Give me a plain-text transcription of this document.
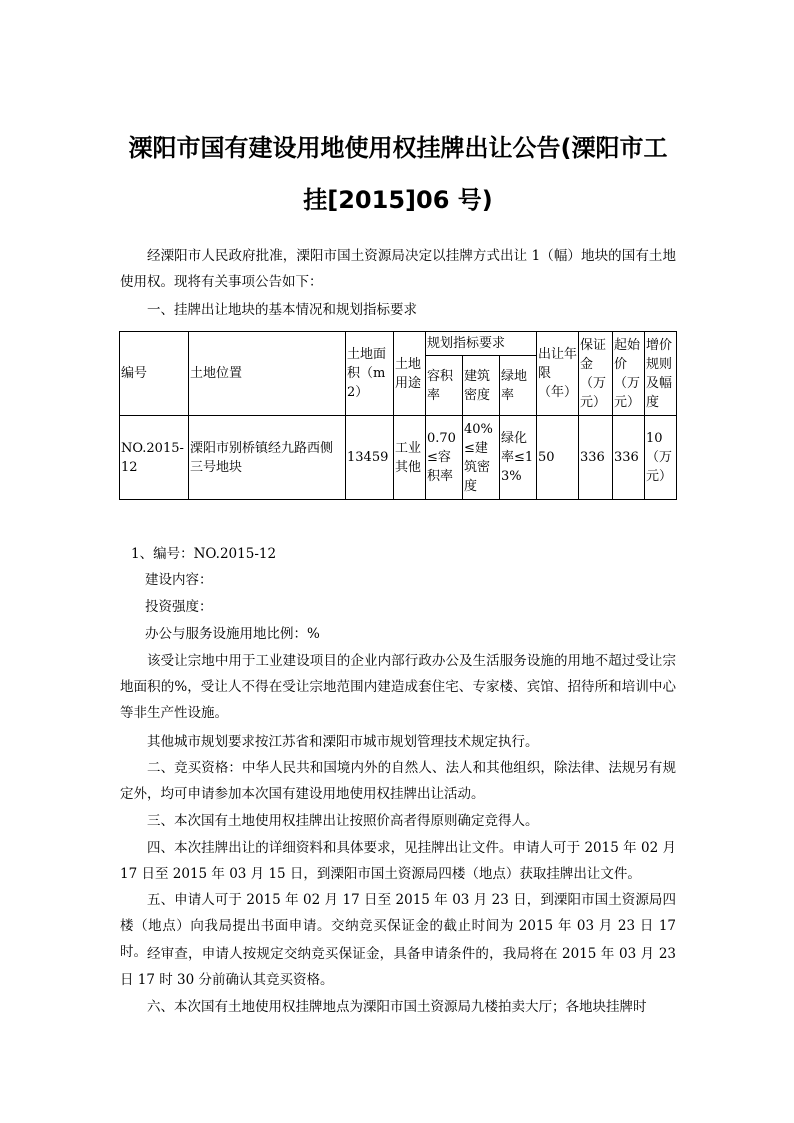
溧阳市国有建设用地使用权挂牌出让公告(溧阳市工挂[2015]06 号)

经溧阳市人民政府批准，溧阳市国土资源局决定以挂牌方式出让 1（幅）地块的国有土地使用权。现将有关事项公告如下：

一、挂牌出让地块的基本情况和规划指标要求

编号	土地位置	土地面积（m2）	土地用途	规划指标要求			出让年限（年）	保证金（万元）	起始价（万元）	增价规则及幅度
				容积率	建筑密度	绿地率				
NO.2015-12	溧阳市别桥镇经九路西侧三号地块	13459	工业其他	0.70≤容积率	40%≤建筑密度	绿化率≤13%	50	336	336	10（万元）

1、编号：NO.2015-12

建设内容：

投资强度：

办公与服务设施用地比例：%

该受让宗地中用于工业建设项目的企业内部行政办公及生活服务设施的用地不超过受让宗地面积的%，受让人不得在受让宗地范围内建造成套住宅、专家楼、宾馆、招待所和培训中心等非生产性设施。

其他城市规划要求按江苏省和溧阳市城市规划管理技术规定执行。

二、竞买资格：中华人民共和国境内外的自然人、法人和其他组织，除法律、法规另有规定外，均可申请参加本次国有建设用地使用权挂牌出让活动。

三、本次国有土地使用权挂牌出让按照价高者得原则确定竞得人。

四、本次挂牌出让的详细资料和具体要求，见挂牌出让文件。申请人可于 2015 年 02 月 17 日至 2015 年 03 月 15 日，到溧阳市国土资源局四楼（地点）获取挂牌出让文件。

五、申请人可于 2015 年 02 月 17 日至 2015 年 03 月 23 日，到溧阳市国土资源局四楼（地点）向我局提出书面申请。交纳竞买保证金的截止时间为 2015 年 03 月 23 日 17 时。 经审查，申请人按规定交纳竞买保证金，具备申请条件的，我局将在 2015 年 03 月 23 日 17 时 30 分前确认其竞买资格。

六、本次国有土地使用权挂牌地点为溧阳市国土资源局九楼拍卖大厅；各地块挂牌时
